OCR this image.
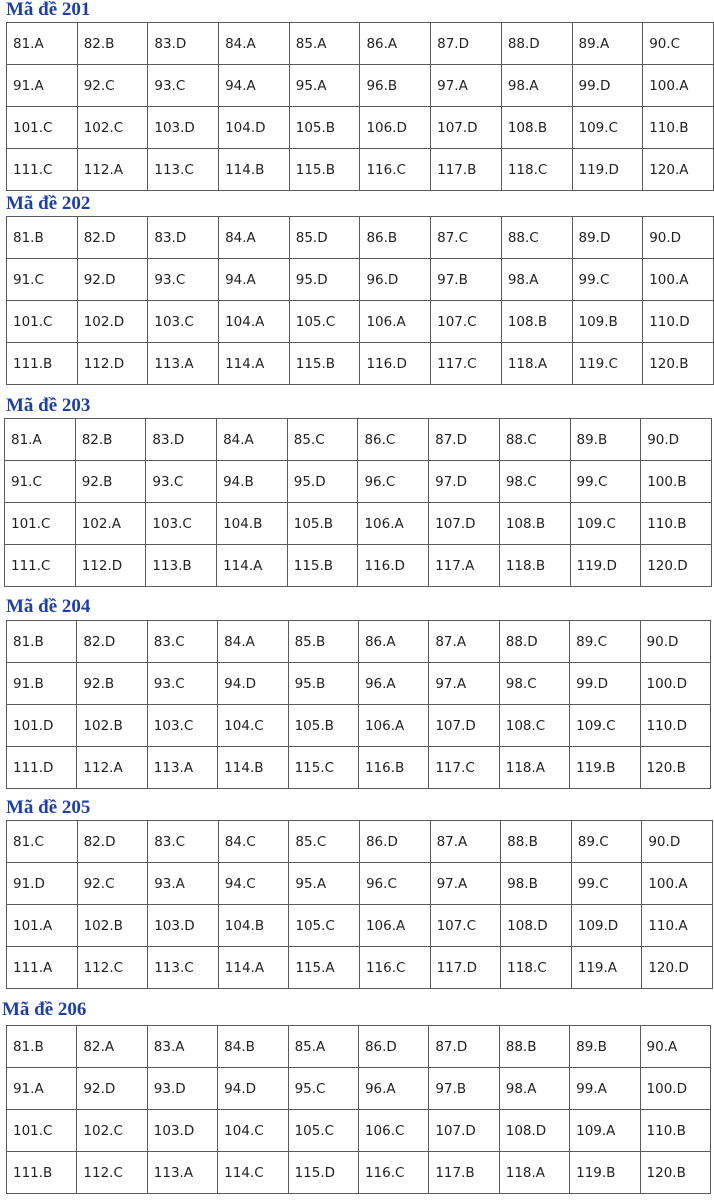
Mã đề 201
81.A	82.B	83.D	84.A	85.A	86.A	87.D	88.D	89.A	90.C
91.A	92.C	93.C	94.A	95.A	96.B	97.A	98.A	99.D	100.A
101.C	102.C	103.D	104.D	105.B	106.D	107.D	108.B	109.C	110.B
111.C	112.A	113.C	114.B	115.B	116.C	117.B	118.C	119.D	120.A
Mã đề 202
81.B	82.D	83.D	84.A	85.D	86.B	87.C	88.C	89.D	90.D
91.C	92.D	93.C	94.A	95.D	96.D	97.B	98.A	99.C	100.A
101.C	102.D	103.C	104.A	105.C	106.A	107.C	108.B	109.B	110.D
111.B	112.D	113.A	114.A	115.B	116.D	117.C	118.A	119.C	120.B
Mã đề 203
81.A	82.B	83.D	84.A	85.C	86.C	87.D	88.C	89.B	90.D
91.C	92.B	93.C	94.B	95.D	96.C	97.D	98.C	99.C	100.B
101.C	102.A	103.C	104.B	105.B	106.A	107.D	108.B	109.C	110.B
111.C	112.D	113.B	114.A	115.B	116.D	117.A	118.B	119.D	120.D
Mã đề 204
81.B	82.D	83.C	84.A	85.B	86.A	87.A	88.D	89.C	90.D
91.B	92.B	93.C	94.D	95.B	96.A	97.A	98.C	99.D	100.D
101.D	102.B	103.C	104.C	105.B	106.A	107.D	108.C	109.C	110.D
111.D	112.A	113.A	114.B	115.C	116.B	117.C	118.A	119.B	120.B
Mã đề 205
81.C	82.D	83.C	84.C	85.C	86.D	87.A	88.B	89.C	90.D
91.D	92.C	93.A	94.C	95.A	96.C	97.A	98.B	99.C	100.A
101.A	102.B	103.D	104.B	105.C	106.A	107.C	108.D	109.D	110.A
111.A	112.C	113.C	114.A	115.A	116.C	117.D	118.C	119.A	120.D
Mã đề 206
81.B	82.A	83.A	84.B	85.A	86.D	87.D	88.B	89.B	90.A
91.A	92.D	93.D	94.D	95.C	96.A	97.B	98.A	99.A	100.D
101.C	102.C	103.D	104.C	105.C	106.C	107.D	108.D	109.A	110.B
111.B	112.C	113.A	114.C	115.D	116.C	117.B	118.A	119.B	120.B
